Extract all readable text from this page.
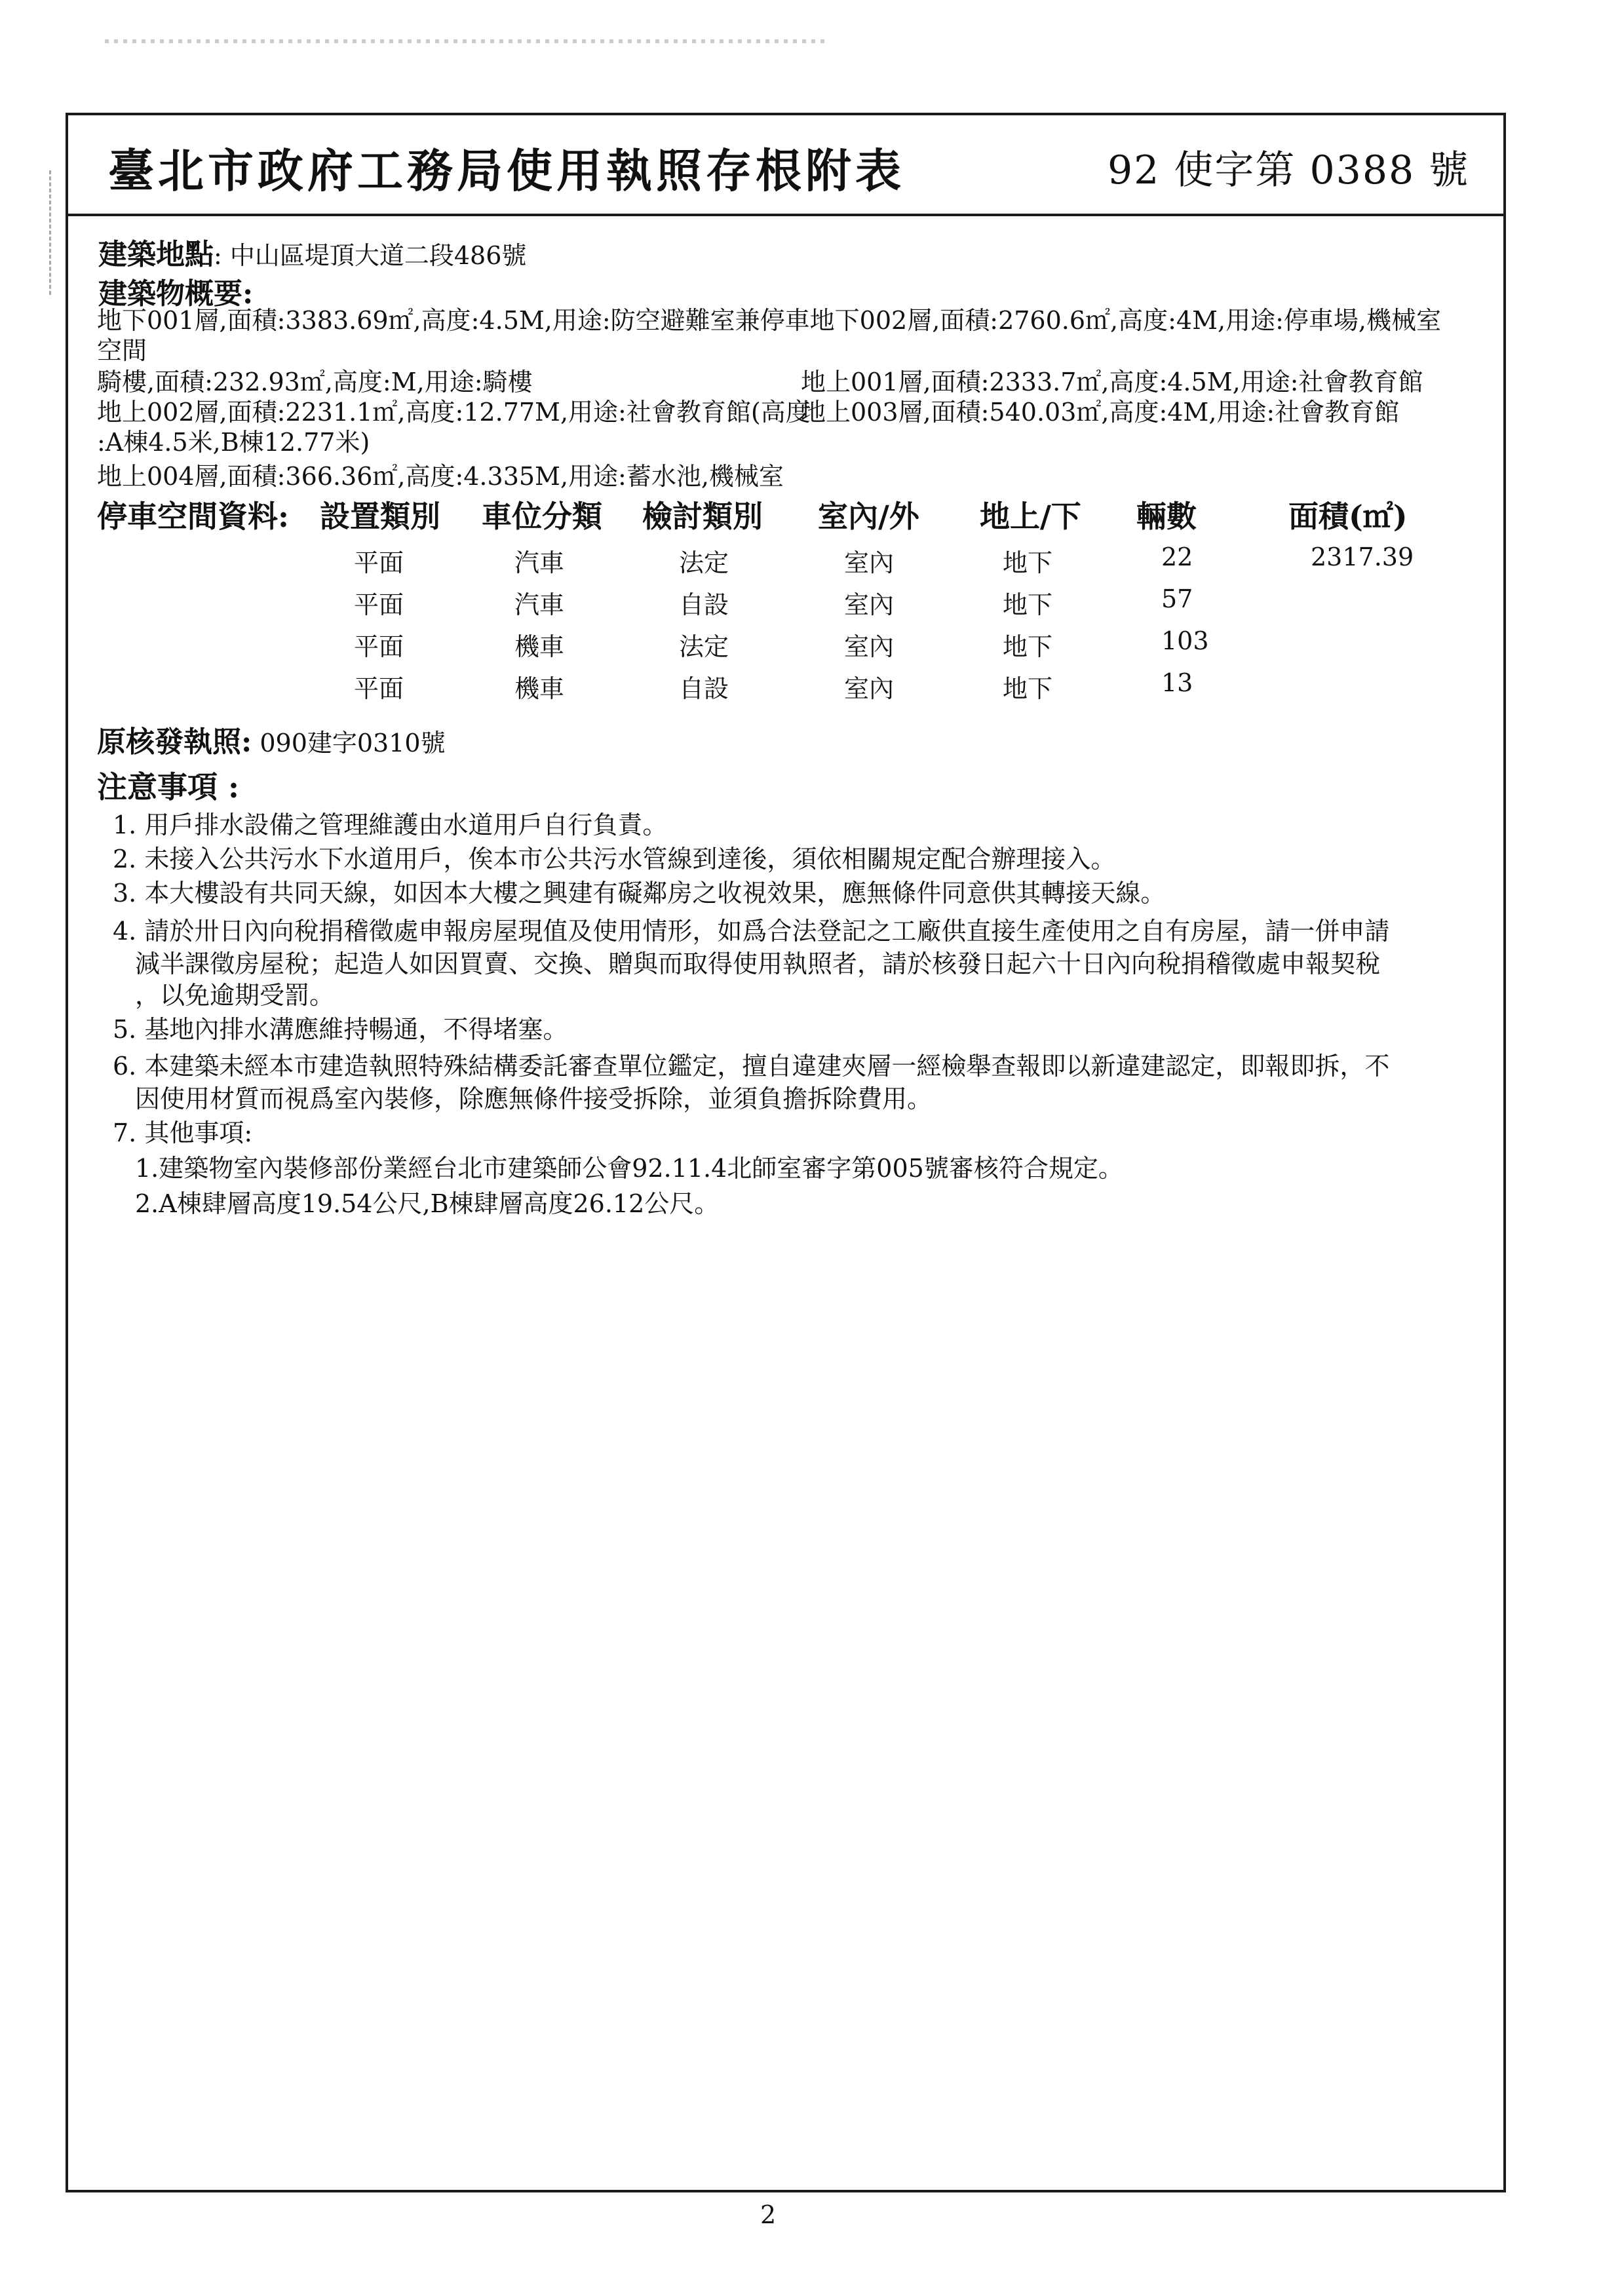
臺北市政府工務局使用執照存根附表	92 使字第 0388 號
建築地點: 中山區堤頂大道二段486號
建築物概要:
地下001層,面積:3383.69㎡,高度:4.5M,用途:防空避難室兼停車地下002層,面積:2760.6㎡,高度:4M,用途:停車場,機械室
空間
騎樓,面積:232.93㎡,高度:M,用途:騎樓	地上001層,面積:2333.7㎡,高度:4.5M,用途:社會教育館
地上002層,面積:2231.1㎡,高度:12.77M,用途:社會教育館(高度
地上003層,面積:540.03㎡,高度:4M,用途:社會教育館
:A棟4.5米,B棟12.77米)
地上004層,面積:366.36㎡,高度:4.335M,用途:蓄水池,機械室
停車空間資料: 設置類別 車位分類 檢討類別 室內/外 地上/下 輛數	面積(㎡)
平面	汽車	法定	室內	地下	22	2317.39
平面	汽車	自設	室內	地下	57
平面	機車	法定	室內	地下	103
平面	機車	自設	室內	地下	13
原核發執照: 090建字0310號
注意事項 :
1. 用戶排水設備之管理維護由水道用戶自行負責。
2. 未接入公共污水下水道用戶，俟本市公共污水管線到達後，須依相關規定配合辦理接入。
3. 本大樓設有共同天線，如因本大樓之興建有礙鄰房之收視效果，應無條件同意供其轉接天線。
4. 請於卅日內向稅捐稽徵處申報房屋現值及使用情形，如爲合法登記之工廠供直接生產使用之自有房屋，請一併申請
減半課徵房屋稅；起造人如因買賣、交換、贈與而取得使用執照者，請於核發日起六十日內向稅捐稽徵處申報契稅
，以免逾期受罰。
5. 基地內排水溝應維持暢通，不得堵塞。
6. 本建築未經本市建造執照特殊結構委託審查單位鑑定，擅自違建夾層一經檢舉查報即以新違建認定，即報即拆，不
因使用材質而視爲室內裝修，除應無條件接受拆除，並須負擔拆除費用。
7. 其他事項:
1.建築物室內裝修部份業經台北市建築師公會92.11.4北師室審字第005號審核符合規定。
2.A棟肆層高度19.54公尺,B棟肆層高度26.12公尺。
2
